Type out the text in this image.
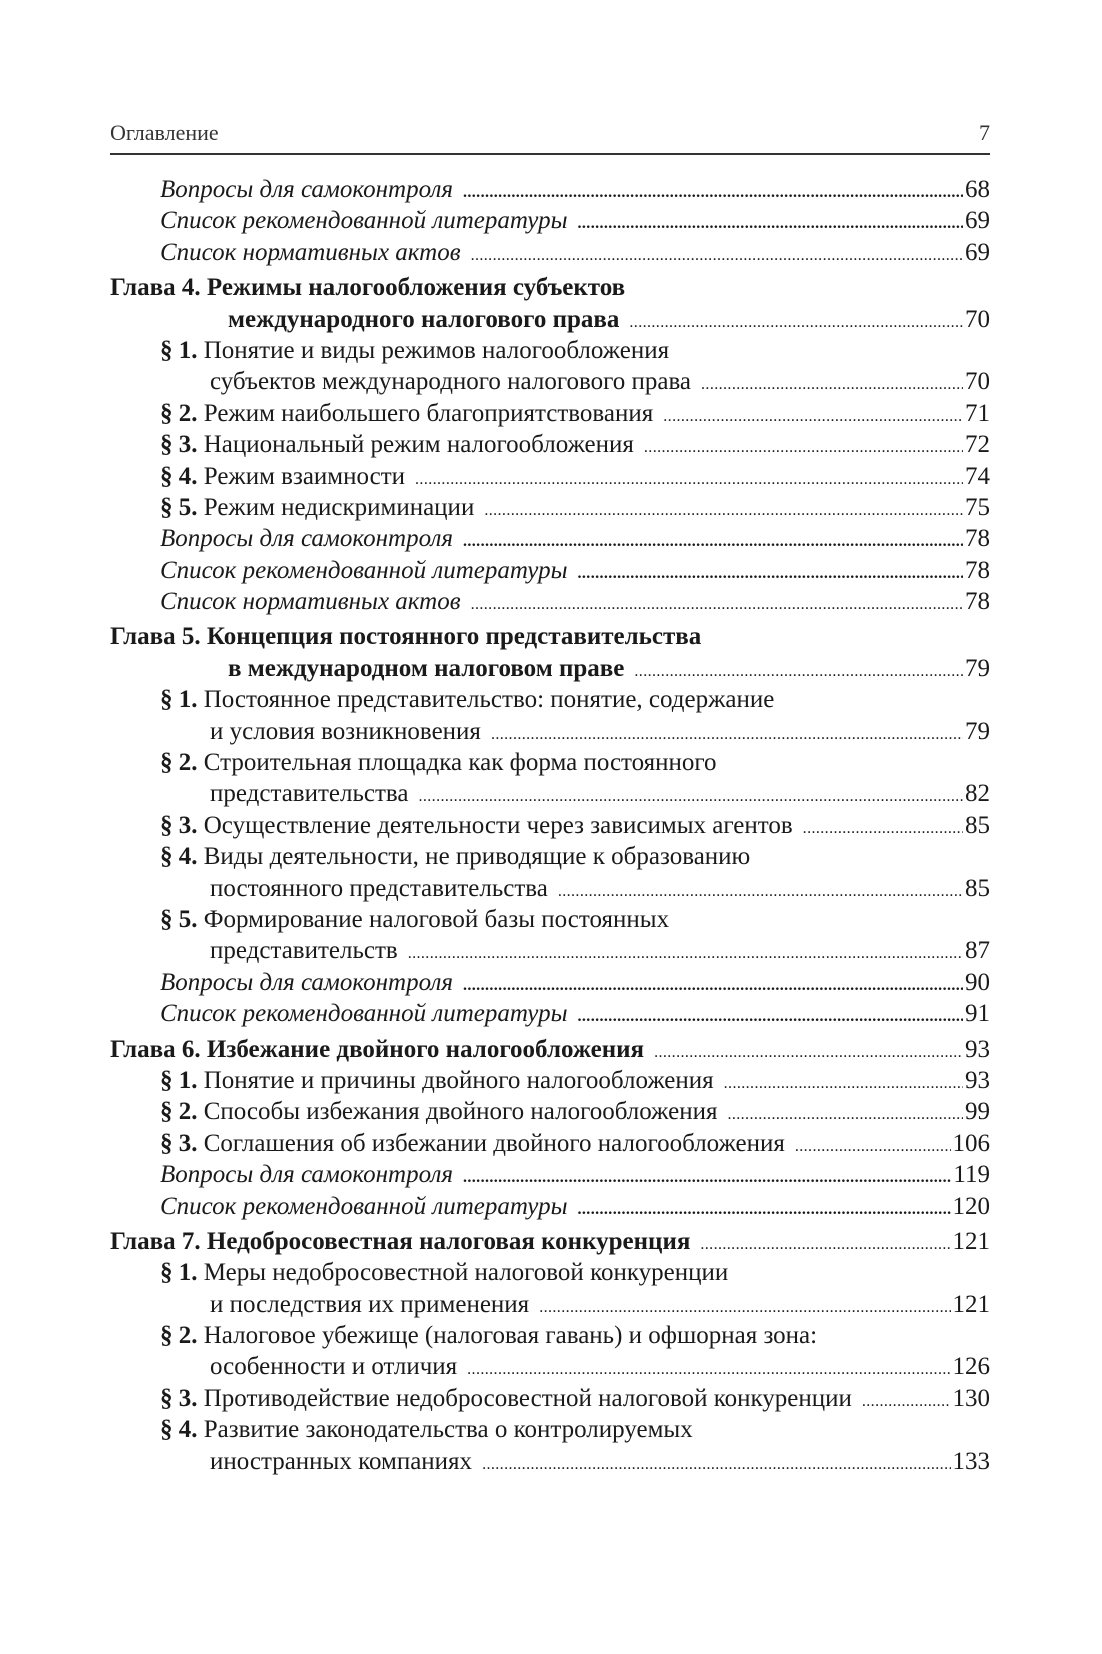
Оглавление	7
Вопросы для самоконтроля . . .	68
Список рекомендованной литературы . . .	69
Список нормативных актов . . .	69
Глава 4. Режимы налогообложения субъектов
международного налогового права . . .	70
§ 1. Понятие и виды режимов налогообложения
субъектов международного налогового права . . .	70
§ 2. Режим наибольшего благоприятствования . . .	71
§ 3. Национальный режим налогообложения . . .	72
§ 4. Режим взаимности . . .	74
§ 5. Режим недискриминации . . .	75
Вопросы для самоконтроля . . .	78
Список рекомендованной литературы . . .	78
Список нормативных актов . . .	78
Глава 5. Концепция постоянного представительства
в международном налоговом праве . . .	79
§ 1. Постоянное представительство: понятие, содержание
и условия возникновения . . .	79
§ 2. Строительная площадка как форма постоянного
представительства . . .	82
§ 3. Осуществление деятельности через зависимых агентов . . .	85
§ 4. Виды деятельности, не приводящие к образованию
постоянного представительства . . .	85
§ 5. Формирование налоговой базы постоянных
представительств . . .	87
Вопросы для самоконтроля . . .	90
Список рекомендованной литературы . . .	91
Глава 6. Избежание двойного налогообложения . . .	93
§ 1. Понятие и причины двойного налогообложения . . .	93
§ 2. Способы избежания двойного налогообложения . . .	99
§ 3. Соглашения об избежании двойного налогообложения . . .	106
Вопросы для самоконтроля . . .	119
Список рекомендованной литературы . . .	120
Глава 7. Недобросовестная налоговая конкуренция . . .	121
§ 1. Меры недобросовестной налоговой конкуренции
и последствия их применения . . .	121
§ 2. Налоговое убежище (налоговая гавань) и офшорная зона:
особенности и отличия . . .	126
§ 3. Противодействие недобросовестной налоговой конкуренции . . .	130
§ 4. Развитие законодательства о контролируемых
иностранных компаниях . . .	133
